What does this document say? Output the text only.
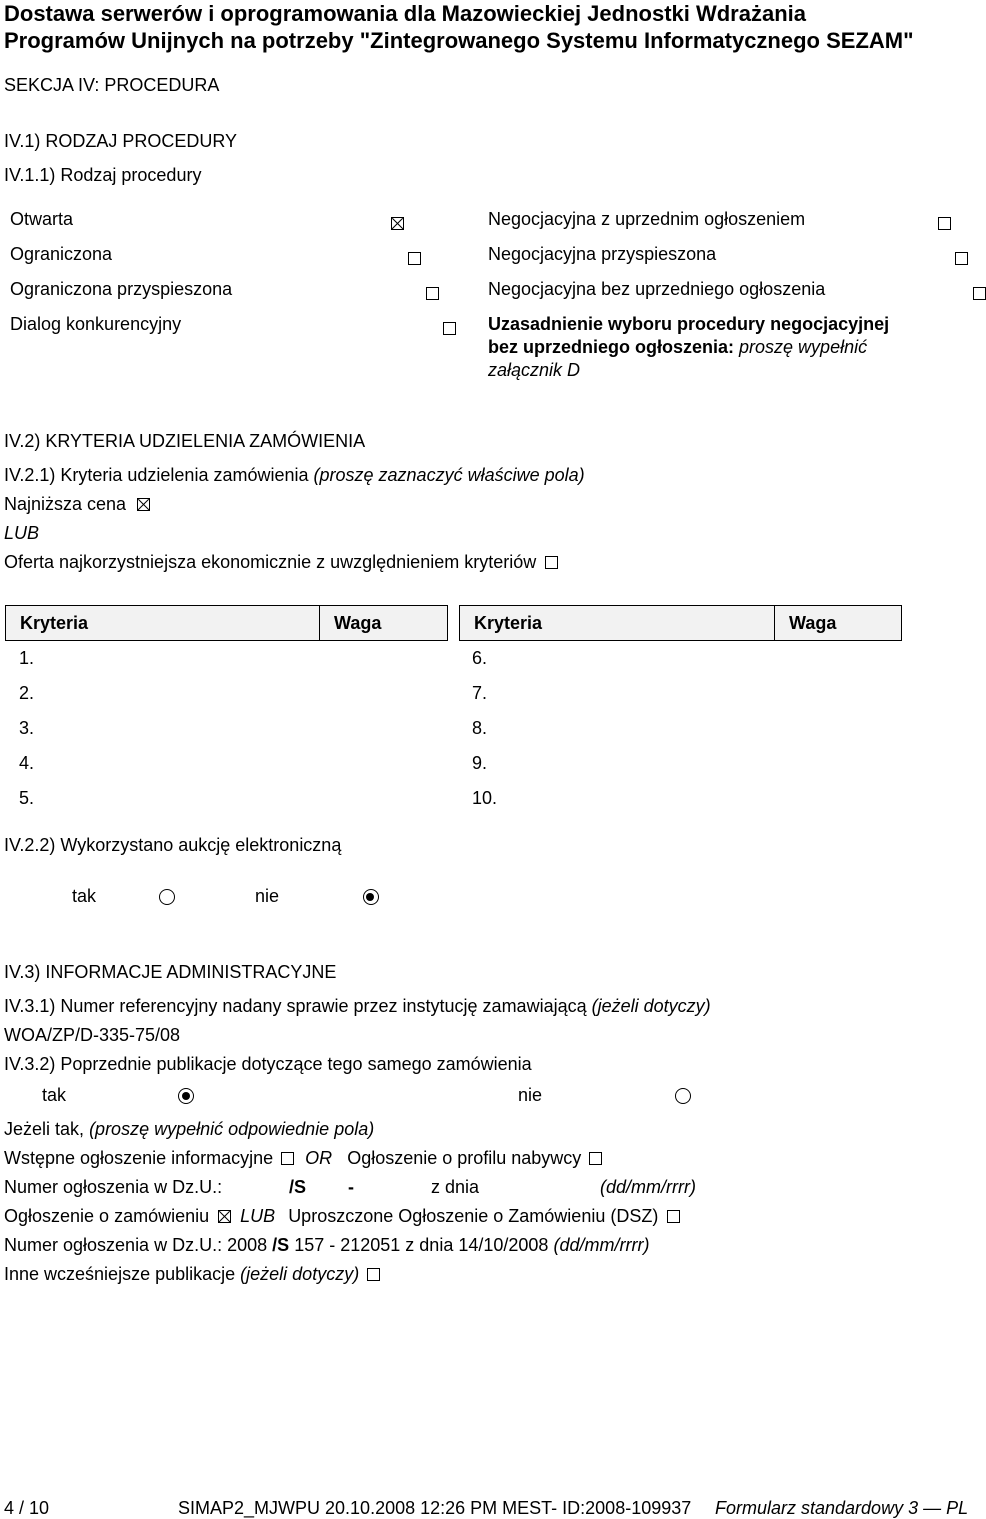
Dostawa serwerów i oprogramowania dla Mazowieckiej Jednostki Wdrażania
Programów Unijnych na potrzeby "Zintegrowanego Systemu Informatycznego SEZAM"
SEKCJA IV: PROCEDURA
IV.1) RODZAJ PROCEDURY
IV.1.1) Rodzaj procedury
Otwarta

Ograniczona

Ograniczona przyspieszona

Dialog konkurencyjny

Negocjacyjna z uprzednim ogłoszeniem

Negocjacyjna przyspieszona

Negocjacyjna bez uprzedniego ogłoszenia

Uzasadnienie wyboru procedury negocjacyjnej
bez uprzedniego ogłoszenia: proszę wypełnić
załącznik D
IV.2) KRYTERIA UDZIELENIA ZAMÓWIENIA
IV.2.1) Kryteria udzielenia zamówienia (proszę zaznaczyć właściwe pola)
Najniższa cena
LUB
Oferta najkorzystniejsza ekonomicznie z uwzględnieniem kryteriów
Kryteria	Waga	Kryteria	Waga
1.
2.
3.
4.
5.
6.
7.
8.
9.
10.
IV.2.2) Wykorzystano aukcję elektroniczną

tak
	nie
IV.3) INFORMACJE ADMINISTRACYJNE
IV.3.1) Numer referencyjny nadany sprawie przez instytucję zamawiającą (jeżeli dotyczy)
WOA/ZP/D-335-75/08
IV.3.2) Poprzednie publikacje dotyczące tego samego zamówienia

tak	nie
Jeżeli tak, (proszę wypełnić odpowiednie pola)
Wstępne ogłoszenie informacyjne OR Ogłoszenie o profilu nabywcy
Numer ogłoszenia w Dz.U.:	/S -	z dnia	(dd/mm/rrrr)
Ogłoszenie o zamówieniu LUB Uproszczone Ogłoszenie o Zamówieniu (DSZ)
Numer ogłoszenia w Dz.U.: 2008 /S 157 - 212051 z dnia 14/10/2008 (dd/mm/rrrr)
Inne wcześniejsze publikacje (jeżeli dotyczy)
4 / 10	SIMAP2_MJWPU 20.10.2008 12:26 PM MEST- ID:2008-109937 Formularz standardowy 3 — PL
